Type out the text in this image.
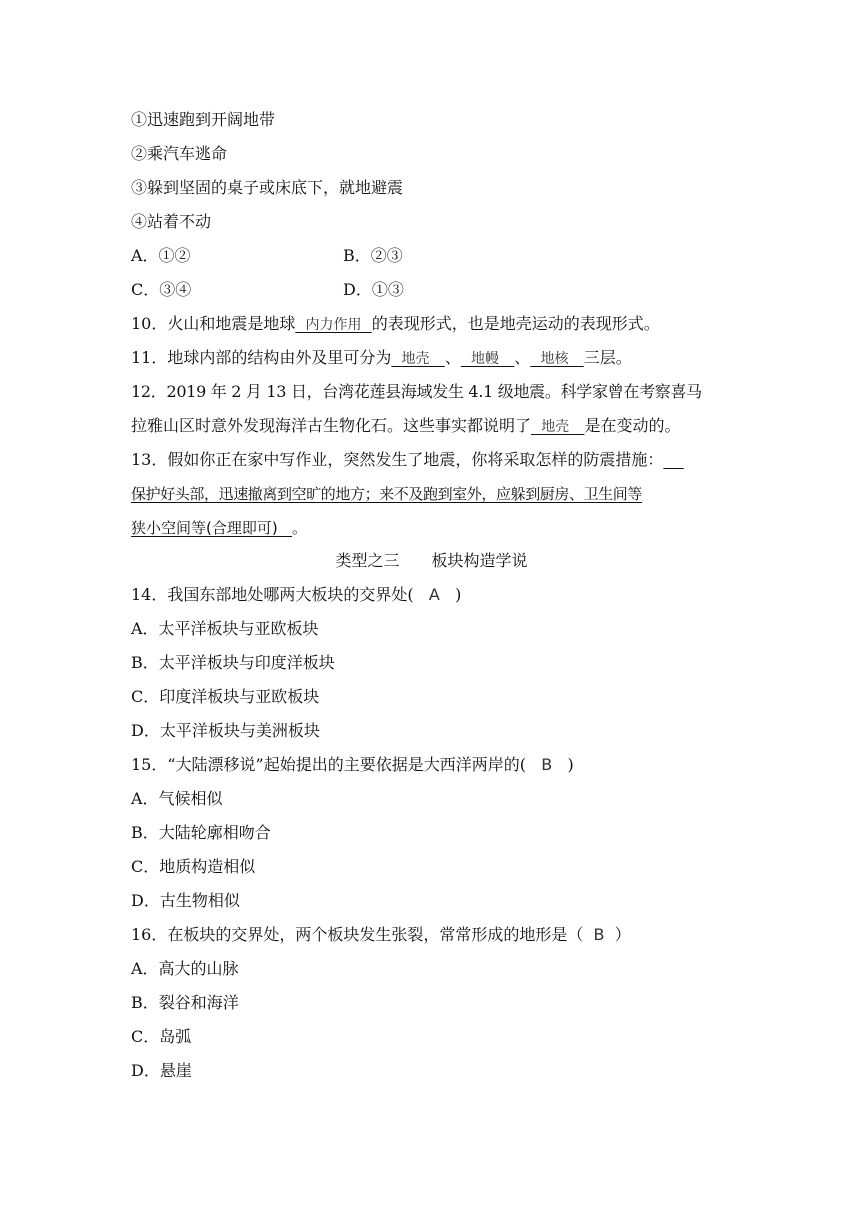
①迅速跑到开阔地带
②乘汽车逃命
③躲到坚固的桌子或床底下，就地避震
④站着不动
A．①②	B．②③
C．③④	D．①③
10．火山和地震是地球 内力作用 的表现形式，也是地壳运动的表现形式。
11．地球内部的结构由外及里可分为 地壳 、 地幔 、 地核 三层。
12．2019 年 2 月 13 日，台湾花莲县海域发生 4.1 级地震。科学家曾在考察喜马
拉雅山区时意外发现海洋古生物化石。这些事实都说明了 地壳 是在变动的。
13．假如你正在家中写作业，突然发生了地震，你将采取怎样的防震措施：
保护好头部，迅速撤离到空旷的地方；来不及跑到室外，应躲到厨房、卫生间等
狭小空间等(合理即可) 。
类型之三　　板块构造学说
14．我国东部地处哪两大板块的交界处( A )
A．太平洋板块与亚欧板块
B．太平洋板块与印度洋板块
C．印度洋板块与亚欧板块
D．太平洋板块与美洲板块
15．“大陆漂移说”起始提出的主要依据是大西洋两岸的( B )
A．气候相似
B．大陆轮廓相吻合
C．地质构造相似
D．古生物相似
16．在板块的交界处，两个板块发生张裂，常常形成的地形是（ B ）
A．高大的山脉
B．裂谷和海洋
C．岛弧
D．悬崖
